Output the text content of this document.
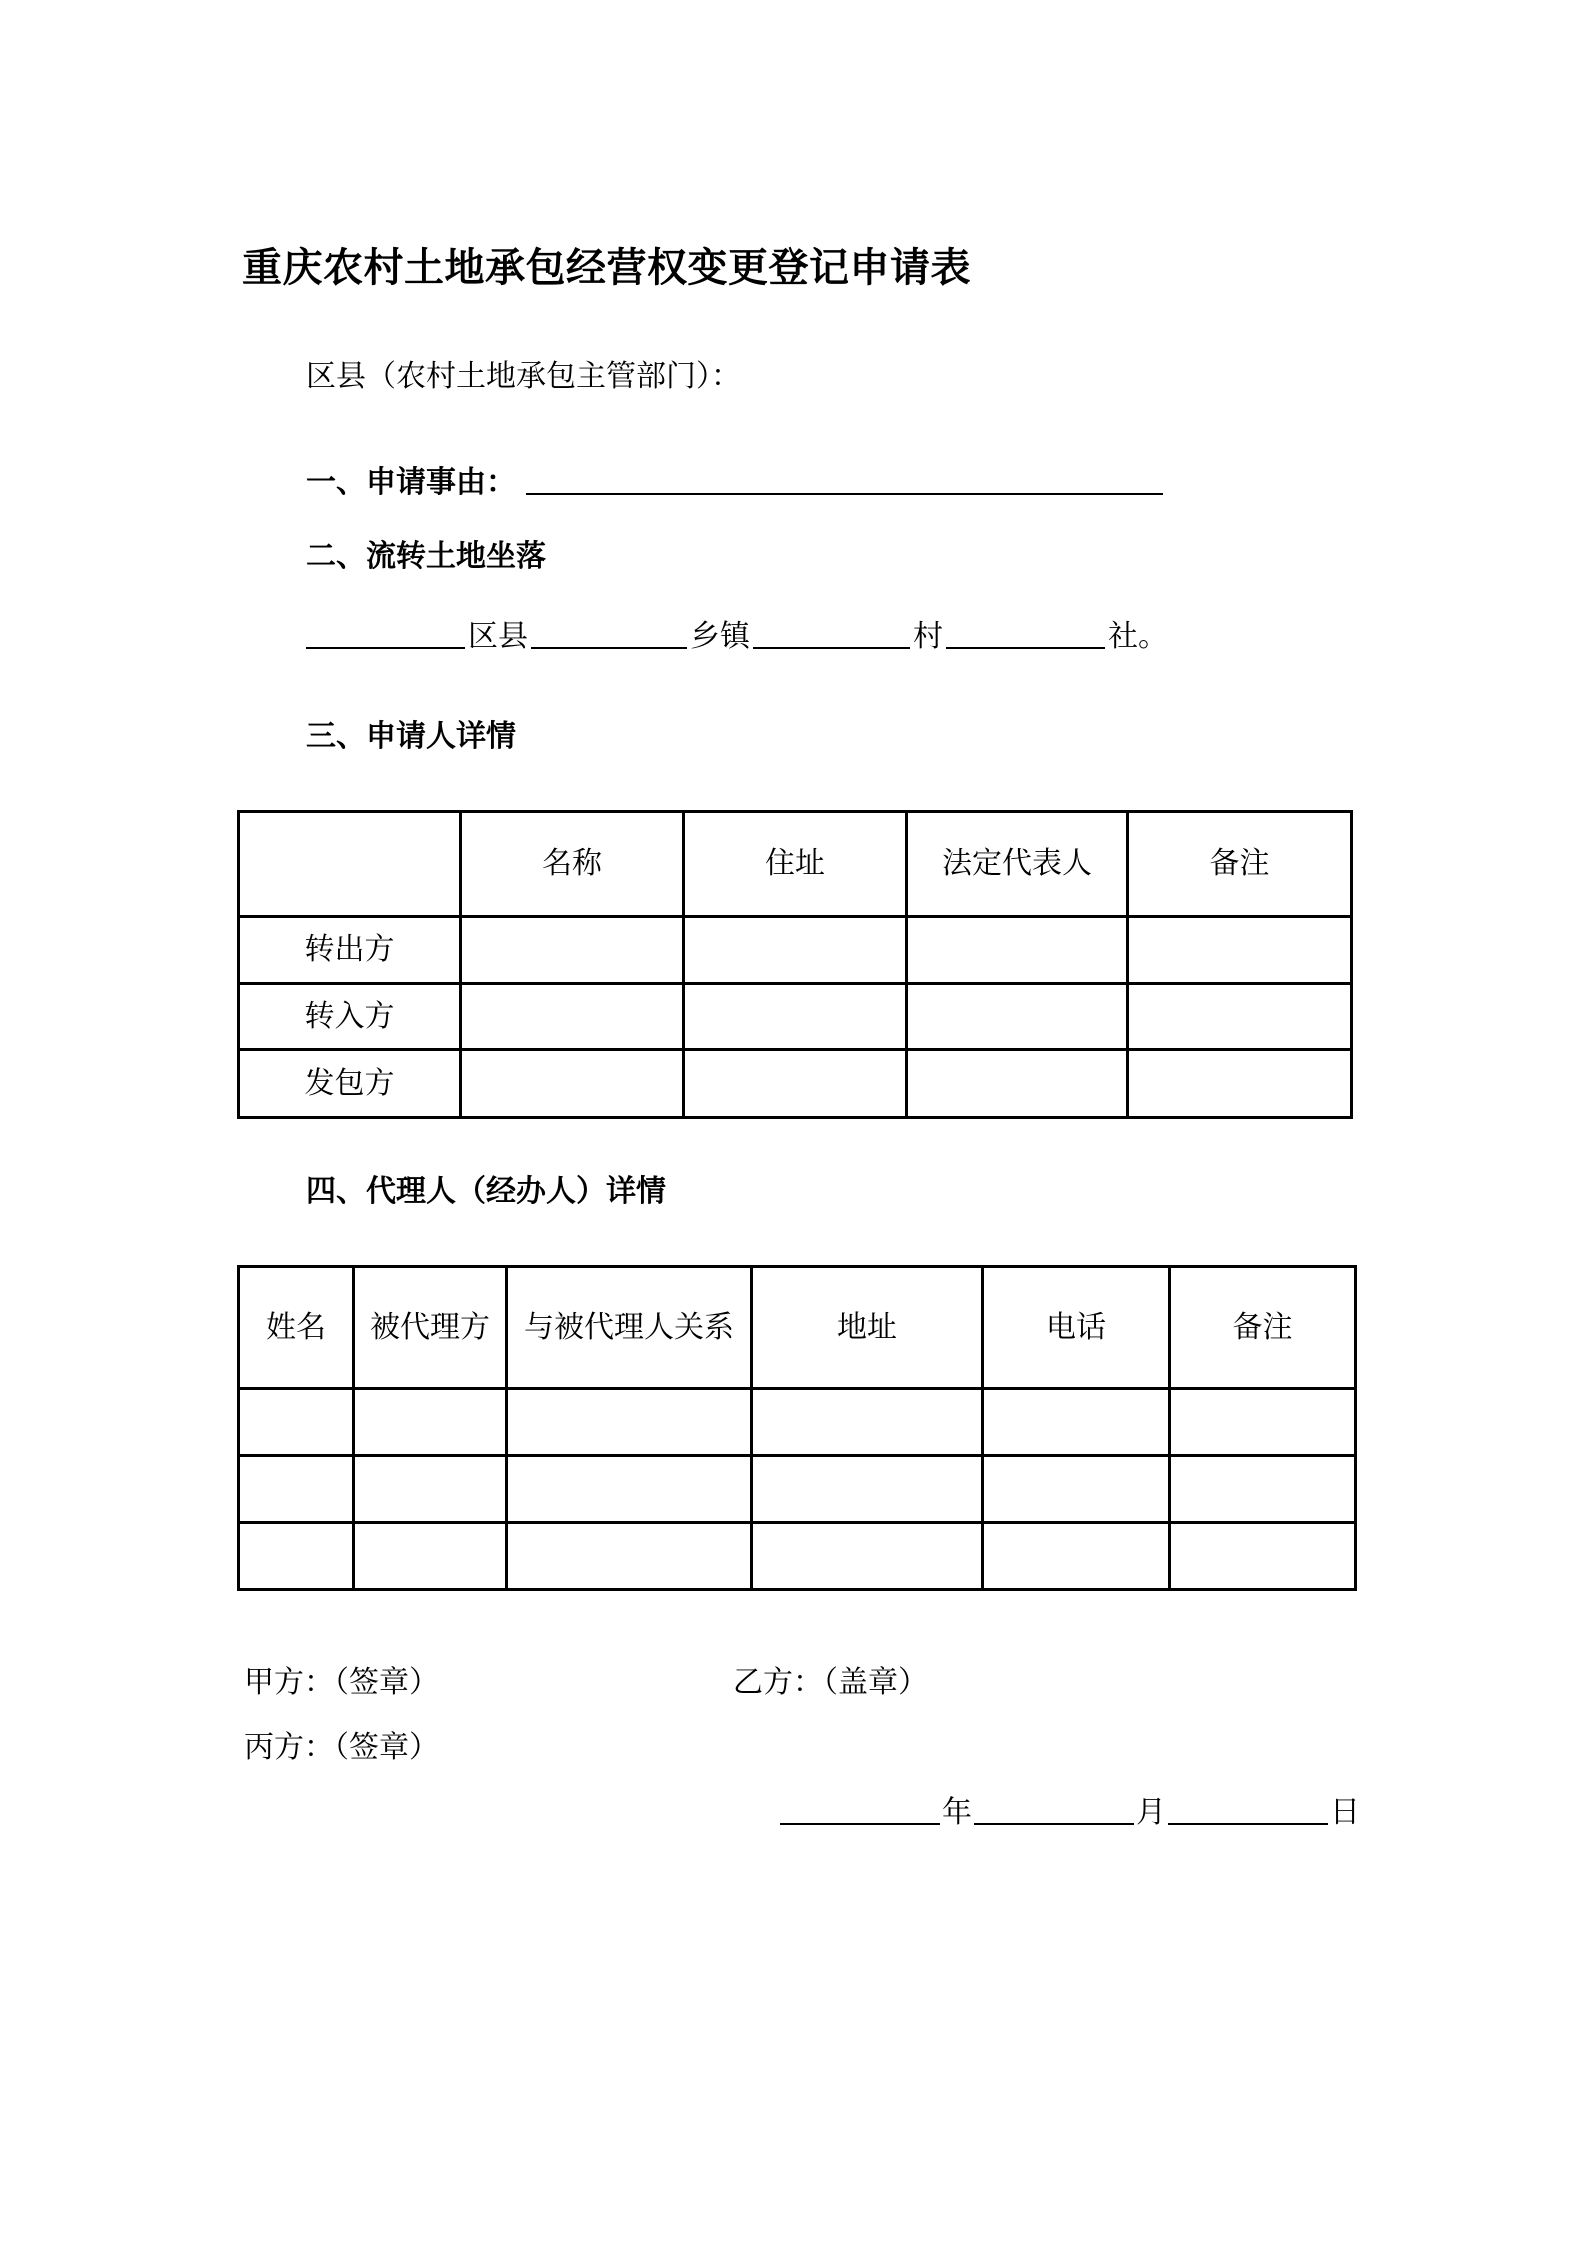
重庆农村土地承包经营权变更登记申请表
区县（农村土地承包主管部门）：
一、申请事由：
二、流转土地坐落
区县	乡镇	村	社。
三、申请人详情
	名称	住址	法定代表人	备注
转出方				
转入方				
发包方				
四、代理人（经办人）详情
姓名	被代理方	与被代理人关系	地址	电话	备注

甲方：（签章）	乙方：（盖章）
丙方：（签章）
年	月	日
